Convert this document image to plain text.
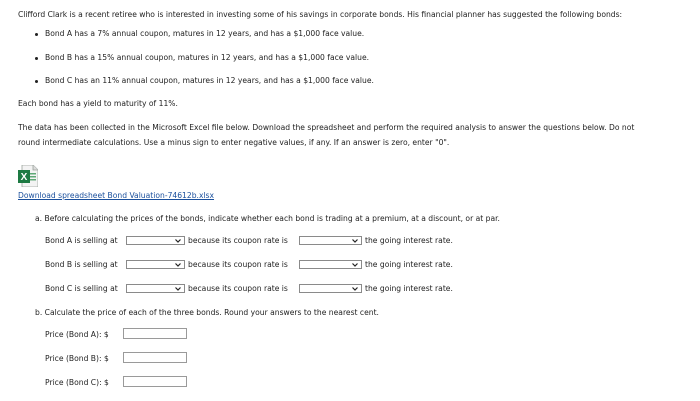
Clifford Clark is a recent retiree who is interested in investing some of his savings in corporate bonds. His financial planner has suggested the following bonds:
Bond A has a 7% annual coupon, matures in 12 years, and has a $1,000 face value.
Bond B has a 15% annual coupon, matures in 12 years, and has a $1,000 face value.
Bond C has an 11% annual coupon, matures in 12 years, and has a $1,000 face value.
Each bond has a yield to maturity of 11%.
The data has been collected in the Microsoft Excel file below. Download the spreadsheet and perform the required analysis to answer the questions below. Do not
round intermediate calculations. Use a minus sign to enter negative values, if any. If an answer is zero, enter "0".
X
Download spreadsheet Bond Valuation-74612b.xlsx
a. Before calculating the prices of the bonds, indicate whether each bond is trading at a premium, at a discount, or at par.
Bond A is selling at	because its coupon rate is	the going interest rate.
Bond B is selling at	because its coupon rate is	the going interest rate.
Bond C is selling at	because its coupon rate is	the going interest rate.
b. Calculate the price of each of the three bonds. Round your answers to the nearest cent.
Price (Bond A): $
Price (Bond B): $
Price (Bond C): $
